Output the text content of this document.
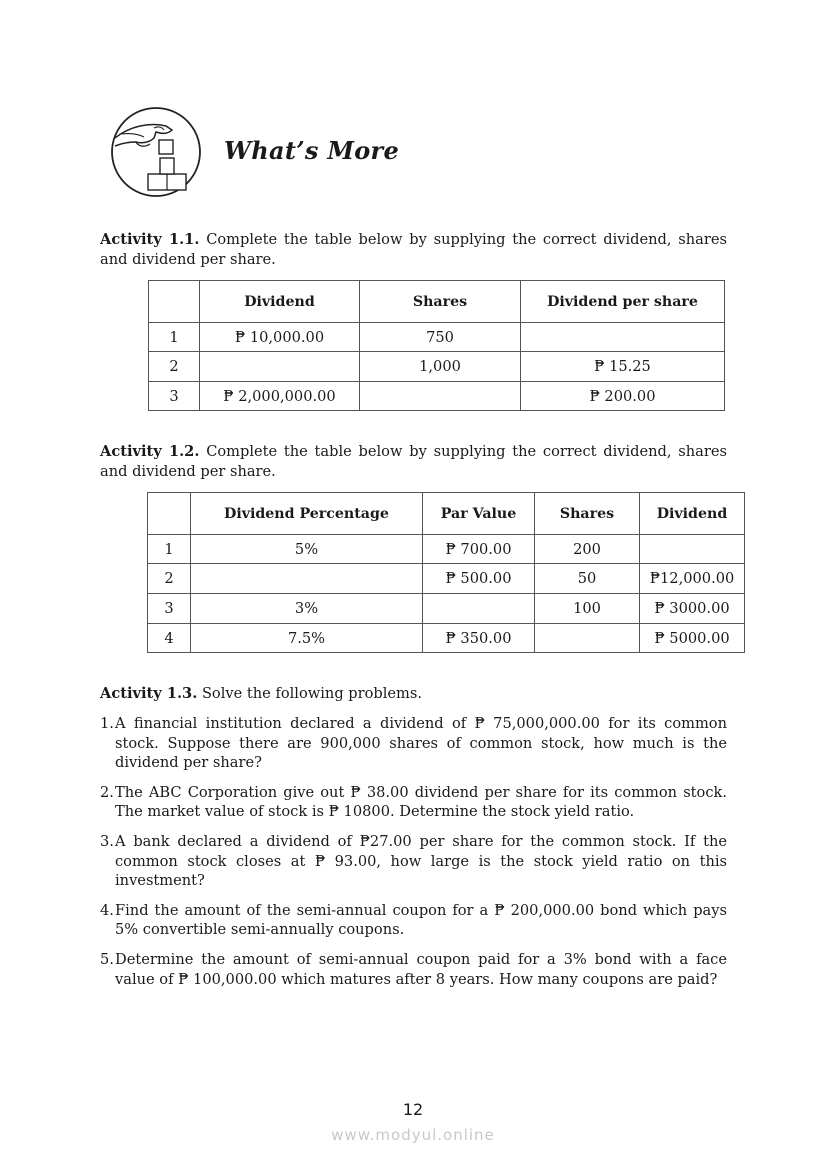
What’s More
Activity 1.1. Complete the table below by supplying the correct dividend, shares and dividend per share.
	Dividend	Shares	Dividend per share
1	₱ 10,000.00	750	
2		1,000	₱ 15.25
3	₱ 2,000,000.00		₱ 200.00
Activity 1.2. Complete the table below by supplying the correct dividend, shares and dividend per share.
	Dividend Percentage	Par Value	Shares	Dividend
1	5%	₱ 700.00	200	
2		₱ 500.00	50	₱12,000.00
3	3%		100	₱ 3000.00
4	7.5%	₱ 350.00		₱ 5000.00
Activity 1.3. Solve the following problems.
1. A financial institution declared a dividend of ₱ 75,000,000.00 for its common stock. Suppose there are 900,000 shares of common stock, how much is the dividend per share?
2. The ABC Corporation give out ₱ 38.00 dividend per share for its common stock. The market value of stock is ₱ 10800. Determine the stock yield ratio.
3. A bank declared a dividend of ₱27.00 per share for the common stock. If the common stock closes at ₱ 93.00, how large is the stock yield ratio on this investment?
4. Find the amount of the semi-annual coupon for a ₱ 200,000.00 bond which pays 5% convertible semi-annually coupons.
5. Determine the amount of semi-annual coupon paid for a 3% bond with a face value of ₱ 100,000.00 which matures after 8 years. How many coupons are paid?
12
www.modyul.online
